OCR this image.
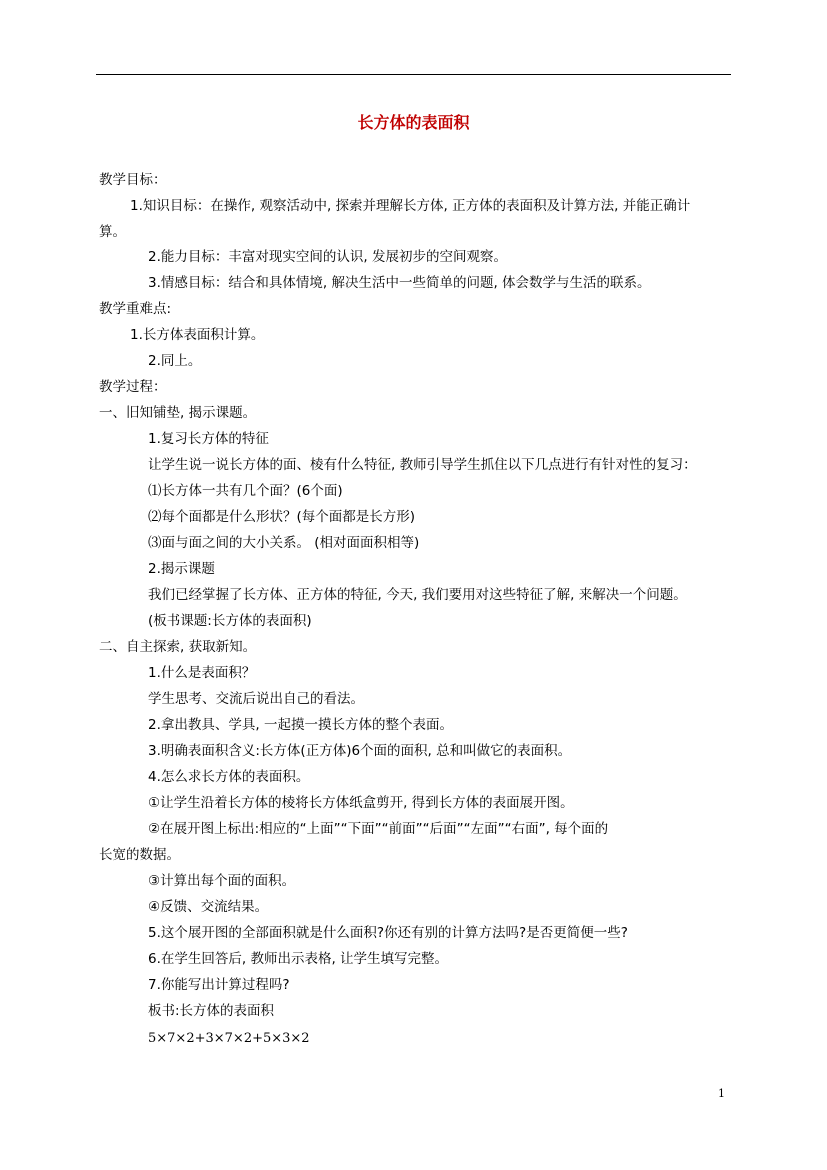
长方体的表面积
教学目标：
1.知识目标：在操作, 观察活动中, 探索并理解长方体, 正方体的表面积及计算方法, 并能正确计
算。
2.能力目标：丰富对现实空间的认识, 发展初步的空间观察。
3.情感目标：结合和具体情境, 解决生活中一些简单的问题, 体会数学与生活的联系。
教学重难点:
1.长方体表面积计算。
2.同上。
教学过程：
一、旧知铺垫, 揭示课题。
1.复习长方体的特征
让学生说一说长方体的面、棱有什么特征, 教师引导学生抓住以下几点进行有针对性的复习：
⑴长方体一共有几个面？(6个面)
⑵每个面都是什么形状？(每个面都是长方形)
⑶面与面之间的大小关系。 (相对面面积相等)
2.揭示课题
我们已经掌握了长方体、正方体的特征, 今天, 我们要用对这些特征了解, 来解决一个问题。
(板书课题:长方体的表面积)
二、自主探索, 获取新知。
1.什么是表面积？
学生思考、交流后说出自己的看法。
2.拿出教具、学具, 一起摸一摸长方体的整个表面。
3.明确表面积含义:长方体(正方体)6个面的面积, 总和叫做它的表面积。
4.怎么求长方体的表面积。
①让学生沿着长方体的棱将长方体纸盒剪开, 得到长方体的表面展开图。
②在展开图上标出:相应的“上面”“下面”“前面”“后面”“左面”“右面”, 每个面的
长宽的数据。
③计算出每个面的面积。
④反馈、交流结果。
5.这个展开图的全部面积就是什么面积?你还有别的计算方法吗?是否更简便一些?
6.在学生回答后, 教师出示表格, 让学生填写完整。
7.你能写出计算过程吗?
板书:长方体的表面积
5×7×2+3×7×2+5×3×2
1
